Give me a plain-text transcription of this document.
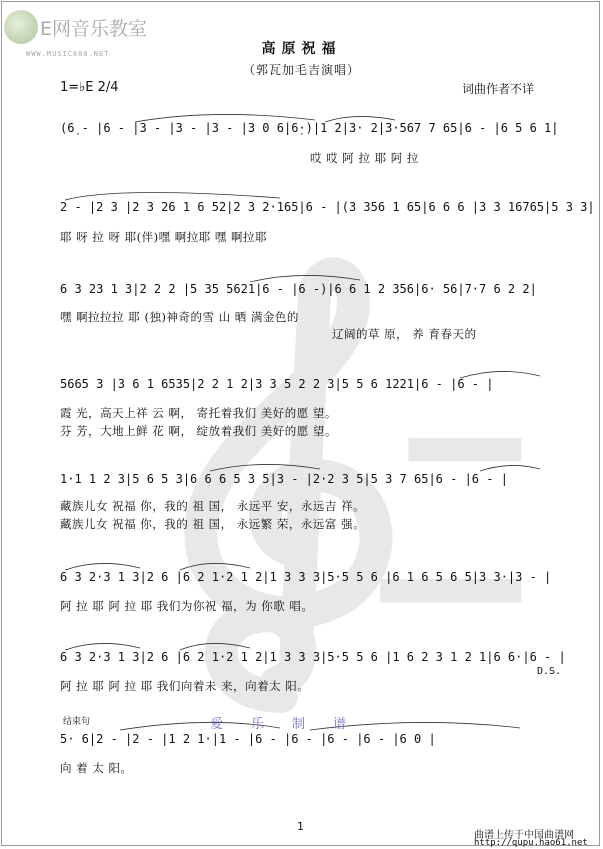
E网音乐教室
WWW.MUSIC888.NET	高原祝福
（郭瓦加毛吉演唱）
1=♭E 2/4	词曲作者不详
(6̣ - |6 - |3 - |3 - |3 - |3 0 6̣|6̣·)|1 2|3· 2|3·567 7 65|6 - |6 5 6 1̇|
哎 哎 阿 拉 耶 阿 拉
2 - |2 3 |2 3 26 1 6 52|2 3 2·165|6 - |(3 356 1 65|6 6 6 |3 3 16765|5 3 3|
耶 呀 拉 呀 耶(伴)嘿 啊拉耶 嘿 啊拉耶
6 3 23 1 3|2 2 2 |5 35 5621|6 - |6 -)|6 6 1 2 356|6· 56|7·7 6 2 2|
嘿 啊拉拉拉 耶 (独)神奇的雪 山 晒 满金色的
辽阔的草 原， 养 育春天的
5665 3 |3 6 1 6535|2 2 1 2|3 3 5 2 2 3|5 5 6 1221|6 - |6 - |
霞 光，高天上祥 云 啊， 寄托着我们 美好的愿 望。
芬 芳，大地上鲜 花 啊， 绽放着我们 美好的愿 望。
1·1 1 2 3|5 6 5 3|6 6 6 5 3 5|3 - |2·2 3 5|5 3 7 65|6 - |6 - |
藏族儿女 祝福 你，我的 祖 国， 永远平 安，永远吉 祥。
藏族儿女 祝福 你，我的 祖 国， 永远繁 荣，永远富 强。
6 3 2·3 1 3|2 6 |6 2 1·2 1 2|1 3 3 3|5·5 5 6 |6 1 6 5 6 5|3 3·|3 - |
阿 拉 耶 阿 拉 耶 我们为你祝 福，为 你歌 唱。
6 3 2·3 1 3|2 6 |6 2 1·2 1 2|1 3 3 3|5·5 5 6 |1 6 2 3 1 2 1|6 6·|6 - |
D.S.
阿 拉 耶 阿 拉 耶 我们向着未 来，向着太 阳。
结束句	爱乐制谱
5· 6|2 - |2 - |1 2 1·|1 - |6 - |6 - |6 - |6 - |6 0 |
向 着 太 阳。
1
曲谱上传于中国曲谱网
http://qupu.hao61.net
